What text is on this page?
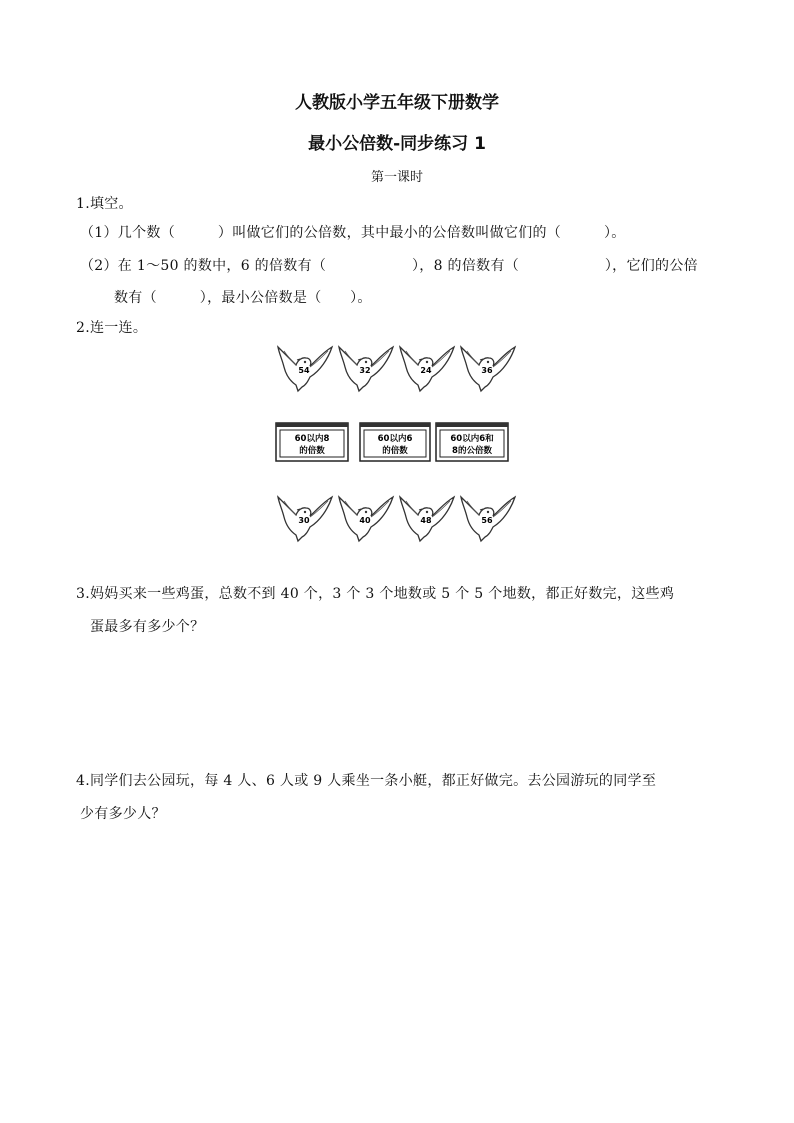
人教版小学五年级下册数学
最小公倍数-同步练习 1
第一课时
1.填空。
（1）几个数（　　　）叫做它们的公倍数，其中最小的公倍数叫做它们的（　　　）。
（2）在 1～50 的数中，6 的倍数有（　　　　　　），8 的倍数有（　　　　　　），它们的公倍
数有（　　　），最小公倍数是（　　）。
2.连一连。
54	32	24	36
60以内8
的倍数
60以内6
的倍数
60以内6和
8的公倍数
30	40	48	56
3.妈妈买来一些鸡蛋，总数不到 40 个，3 个 3 个地数或 5 个 5 个地数，都正好数完，这些鸡
蛋最多有多少个？
4.同学们去公园玩，每 4 人、6 人或 9 人乘坐一条小艇，都正好做完。去公园游玩的同学至
少有多少人？
